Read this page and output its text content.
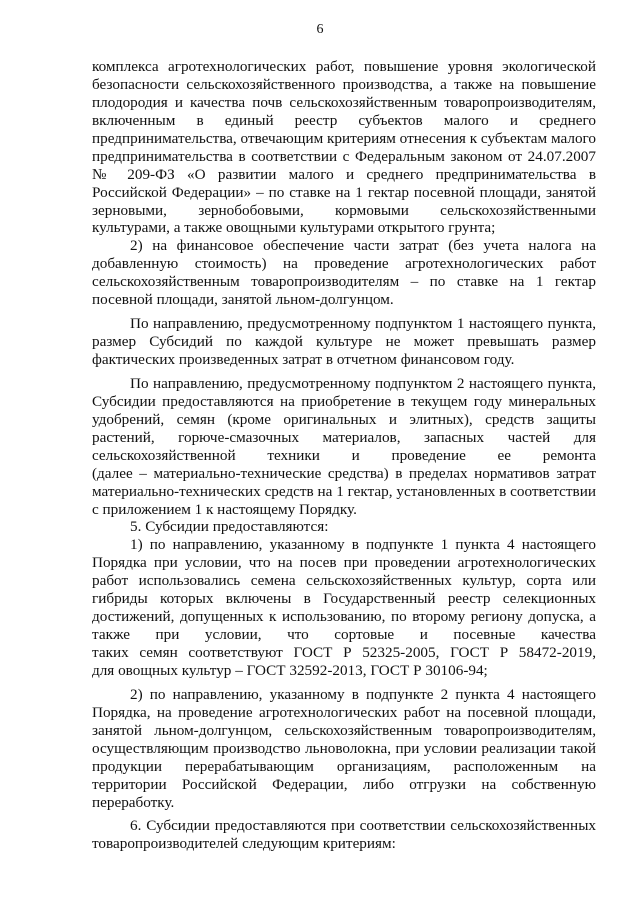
6
комплекса агротехнологических работ, повышение уровня экологической
безопасности сельскохозяйственного производства, а также на повышение
плодородия и качества почв сельскохозяйственным товаропроизводителям,
включенным в единый реестр субъектов малого и среднего
предпринимательства, отвечающим критериям отнесения к субъектам малого
предпринимательства в соответствии с Федеральным законом от 24.07.2007
№ 209-ФЗ «О развитии малого и среднего предпринимательства в
Российской Федерации» – по ставке на 1 гектар посевной площади, занятой
зерновыми, зернобобовыми, кормовыми сельскохозяйственными
культурами, а также овощными культурами открытого грунта;
2) на финансовое обеспечение части затрат (без учета налога на
добавленную стоимость) на проведение агротехнологических работ
сельскохозяйственным товаропроизводителям – по ставке на 1 гектар
посевной площади, занятой льном-долгунцом.
По направлению, предусмотренному подпунктом 1 настоящего пункта,
размер Субсидий по каждой культуре не может превышать размер
фактических произведенных затрат в отчетном финансовом году.
По направлению, предусмотренному подпунктом 2 настоящего пункта,
Субсидии предоставляются на приобретение в текущем году минеральных
удобрений, семян (кроме оригинальных и элитных), средств защиты
растений, горюче-смазочных материалов, запасных частей для
сельскохозяйственной техники и проведение ее ремонта
(далее – материально-технические средства) в пределах нормативов затрат
материально-технических средств на 1 гектар, установленных в соответствии
с приложением 1 к настоящему Порядку.
5. Субсидии предоставляются:
1) по направлению, указанному в подпункте 1 пункта 4 настоящего
Порядка при условии, что на посев при проведении агротехнологических
работ использовались семена сельскохозяйственных культур, сорта или
гибриды которых включены в Государственный реестр селекционных
достижений, допущенных к использованию, по второму региону допуска, а
также при условии, что сортовые и посевные качества
таких семян соответствуют ГОСТ Р 52325-2005, ГОСТ Р 58472-2019,
для овощных культур – ГОСТ 32592-2013, ГОСТ Р 30106-94;
2) по направлению, указанному в подпункте 2 пункта 4 настоящего
Порядка, на проведение агротехнологических работ на посевной площади,
занятой льном-долгунцом, сельскохозяйственным товаропроизводителям,
осуществляющим производство льноволокна, при условии реализации такой
продукции перерабатывающим организациям, расположенным на
территории Российской Федерации, либо отгрузки на собственную
переработку.
6. Субсидии предоставляются при соответствии сельскохозяйственных
товаропроизводителей следующим критериям:
